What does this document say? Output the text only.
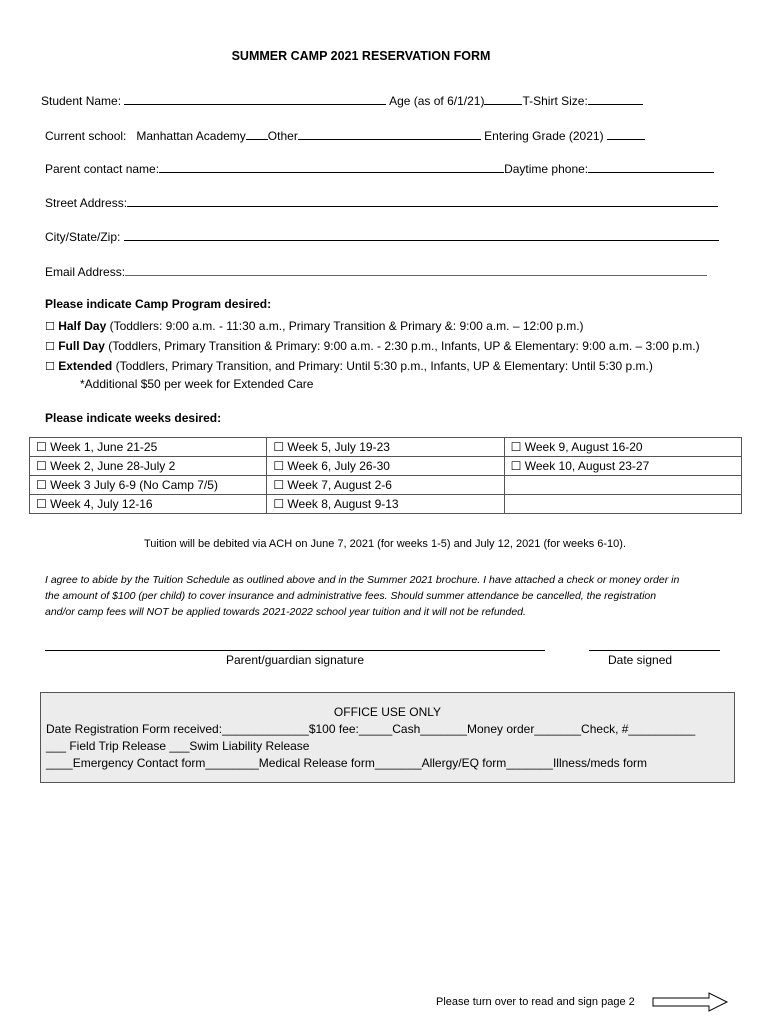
SUMMER CAMP 2021 RESERVATION FORM
Student Name:	Age (as of 6/1/21)	T-Shirt Size:
Current school: Manhattan Academy Other	Entering Grade (2021)
Parent contact name:	Daytime phone:
Street Address:
City/State/Zip:
Email Address:
Please indicate Camp Program desired:
☐ Half Day (Toddlers: 9:00 a.m. - 11:30 a.m., Primary Transition & Primary &: 9:00 a.m. – 12:00 p.m.)
☐ Full Day (Toddlers, Primary Transition & Primary: 9:00 a.m. - 2:30 p.m., Infants, UP & Elementary: 9:00 a.m. – 3:00 p.m.)
☐ Extended (Toddlers, Primary Transition, and Primary: Until 5:30 p.m., Infants, UP & Elementary: Until 5:30 p.m.)
*Additional $50 per week for Extended Care
Please indicate weeks desired:
☐ Week 1, June 21-25	☐ Week 5, July 19-23	☐ Week 9, August 16-20
☐ Week 2, June 28-July 2	☐ Week 6, July 26-30	☐ Week 10, August 23-27
☐ Week 3 July 6-9 (No Camp 7/5)	☐ Week 7, August 2-6	
☐ Week 4, July 12-16	☐ Week 8, August 9-13	
Tuition will be debited via ACH on June 7, 2021 (for weeks 1-5) and July 12, 2021 (for weeks 6-10).
I agree to abide by the Tuition Schedule as outlined above and in the Summer 2021 brochure. I have attached a check or money order in
the amount of $100 (per child) to cover insurance and administrative fees. Should summer attendance be cancelled, the registration
and/or camp fees will NOT be applied towards 2021-2022 school year tuition and it will not be refunded.
Parent/guardian signature	Date signed
OFFICE USE ONLY
Date Registration Form received:_____________$100 fee:_____Cash_______Money order_______Check, #__________
___ Field Trip Release ___Swim Liability Release
____Emergency Contact form________Medical Release form_______Allergy/EQ form_______Illness/meds form
Please turn over to read and sign page 2
